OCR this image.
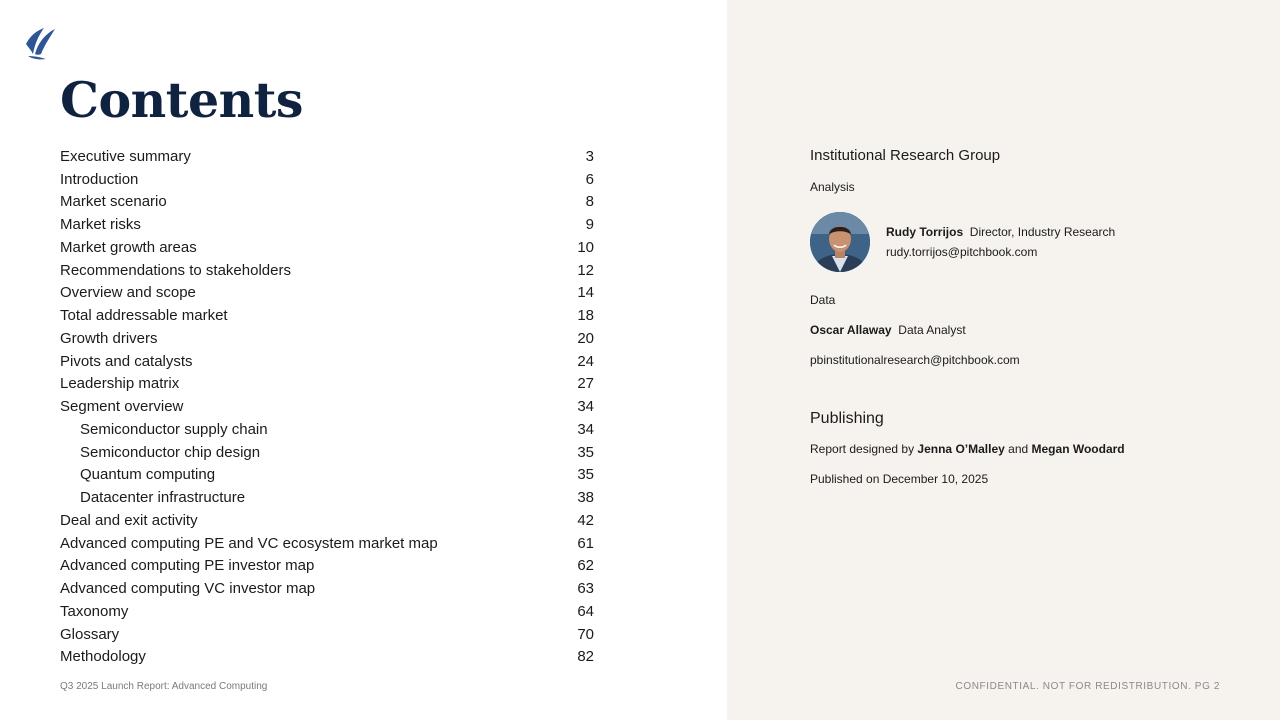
Contents
Executive summary	3
Introduction	6
Market scenario	8
Market risks	9
Market growth areas	10
Recommendations to stakeholders	12
Overview and scope	14
Total addressable market	18
Growth drivers	20
Pivots and catalysts	24
Leadership matrix	27
Segment overview	34
Semiconductor supply chain	34
Semiconductor chip design	35
Quantum computing	35
Datacenter infrastructure	38
Deal and exit activity	42
Advanced computing PE and VC ecosystem market map	61
Advanced computing PE investor map	62
Advanced computing VC investor map	63
Taxonomy	64
Glossary	70
Methodology	82
Q3 2025 Launch Report: Advanced Computing	CONFIDENTIAL. NOT FOR REDISTRIBUTION. PG 2
Institutional Research Group
Analysis
Rudy Torrijos Director, Industry Research
rudy.torrijos@pitchbook.com
Data
Oscar Allaway Data Analyst
pbinstitutionalresearch@pitchbook.com
Publishing
Report designed by Jenna O’Malley and Megan Woodard
Published on December 10, 2025
